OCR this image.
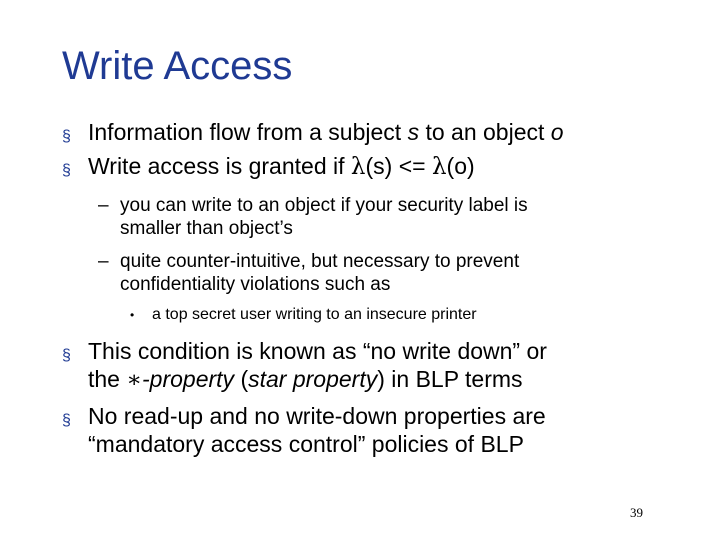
Write Access
§ Information flow from a subject s to an object o
§ Write access is granted if λ(s) <= λ(o)
– you can write to an object if your security label is
smaller than object’s
– quite counter-intuitive, but necessary to prevent
confidentiality violations such as
• a top secret user writing to an insecure printer
§ This condition is known as “no write down” or
the ∗-property (star property) in BLP terms
§ No read-up and no write-down properties are
“mandatory access control” policies of BLP
39
